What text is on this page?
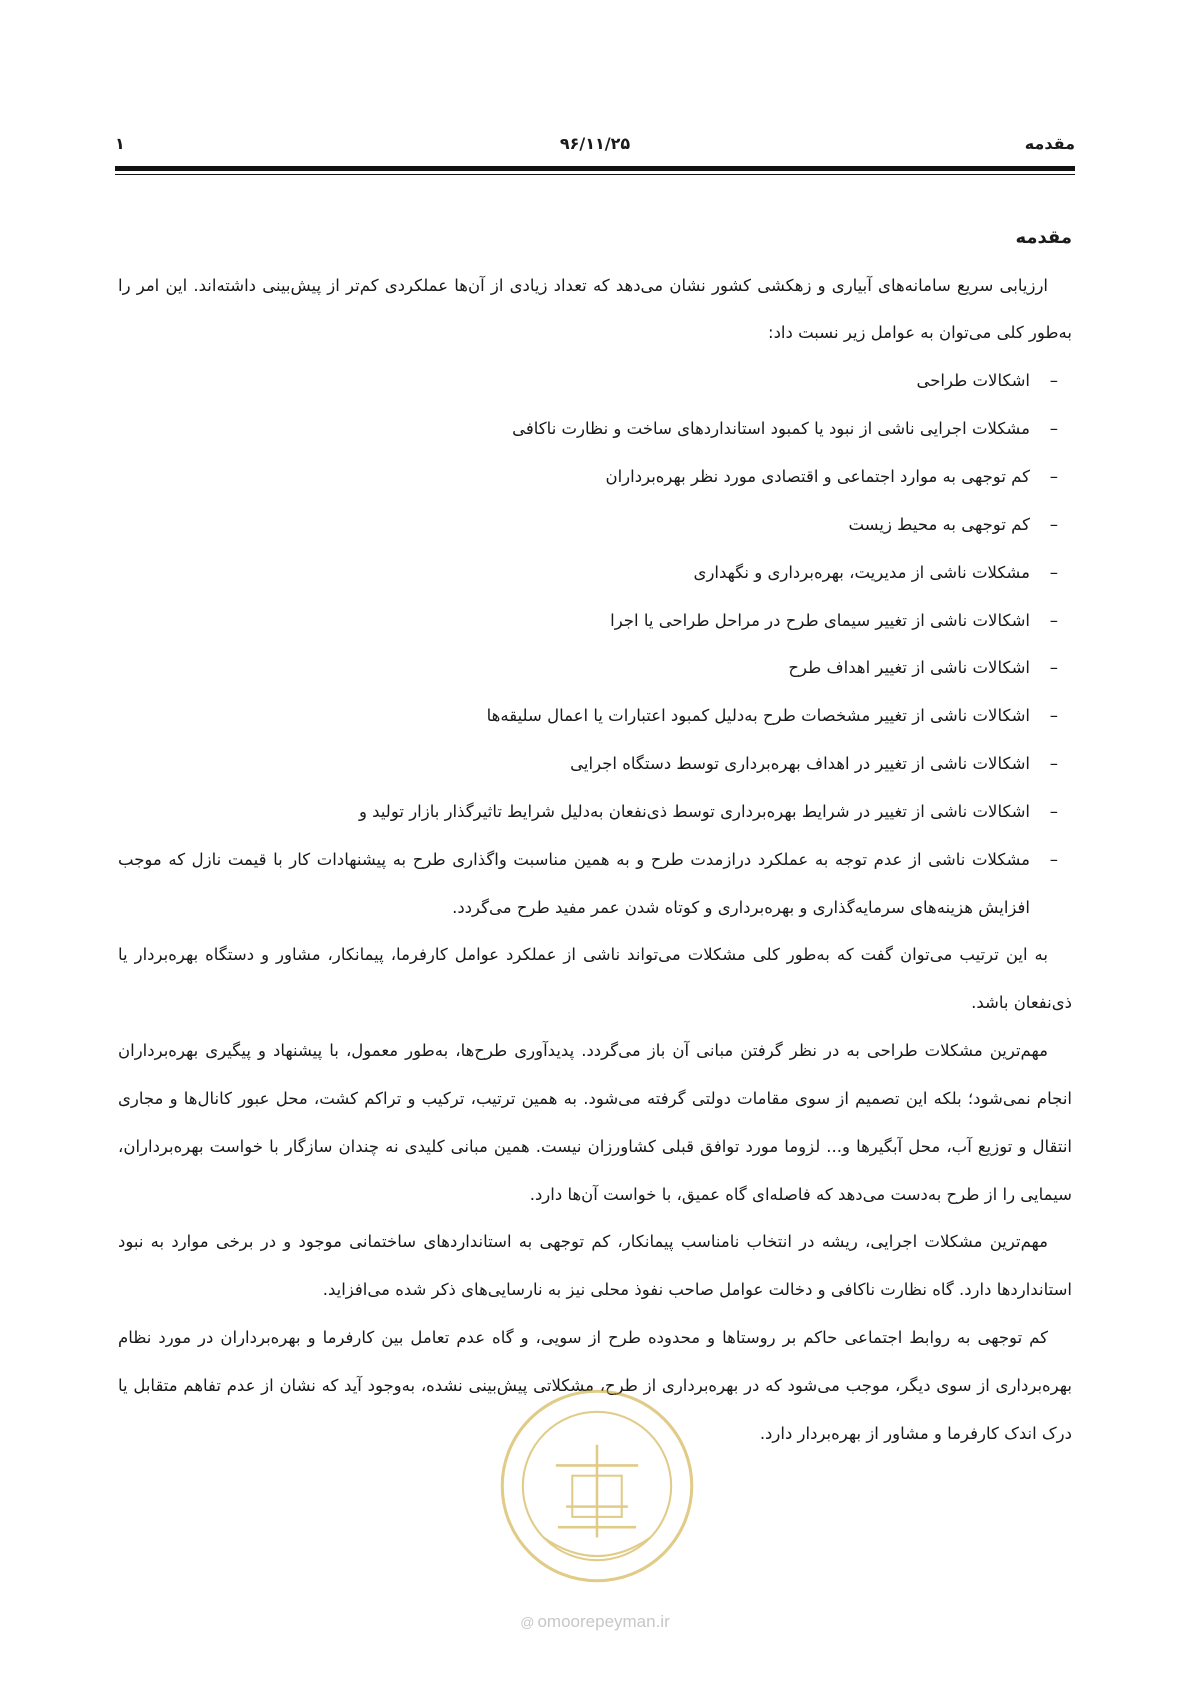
مقدمه
۹۶/۱۱/۲۵
۱
مقدمه

ارزیابی سریع سامانه‌های آبیاری و زهکشی کشور نشان می‌دهد که تعداد زیادی از آن‌ها عملکردی کم‌تر از پیش‌بینی داشته‌اند. این امر را به‌طور کلی می‌توان به عوامل زیر نسبت داد:

– اشکالات طراحی
– مشکلات اجرایی ناشی از نبود یا کمبود استانداردهای ساخت و نظارت ناکافی
– کم توجهی به موارد اجتماعی و اقتصادی مورد نظر بهره‌برداران
– کم توجهی به محیط زیست
– مشکلات ناشی از مدیریت، بهره‌برداری و نگهداری
– اشکالات ناشی از تغییر سیمای طرح در مراحل طراحی یا اجرا
– اشکالات ناشی از تغییر اهداف طرح
– اشکالات ناشی از تغییر مشخصات طرح به‌دلیل کمبود اعتبارات یا اعمال سلیقه‌ها
– اشکالات ناشی از تغییر در اهداف بهره‌برداری توسط دستگاه اجرایی
– اشکالات ناشی از تغییر در شرایط بهره‌برداری توسط ذی‌نفعان به‌دلیل شرایط تاثیرگذار بازار تولید و
– مشکلات ناشی از عدم توجه به عملکرد درازمدت طرح و به همین مناسبت واگذاری طرح به پیشنهادات کار با قیمت نازل که موجب افزایش هزینه‌های سرمایه‌گذاری و بهره‌برداری و کوتاه شدن عمر مفید طرح می‌گردد.

به این ترتیب می‌توان گفت که به‌طور کلی مشکلات می‌تواند ناشی از عملکرد عوامل کارفرما، پیمانکار، مشاور و دستگاه بهره‌بردار یا ذی‌نفعان باشد.

مهم‌ترین مشکلات طراحی به در نظر گرفتن مبانی آن باز می‌گردد. پدیدآوری طرح‌ها، به‌طور معمول، با پیشنهاد و پیگیری بهره‌برداران انجام نمی‌شود؛ بلکه این تصمیم از سوی مقامات دولتی گرفته می‌شود. به همین ترتیب، ترکیب و تراکم کشت، محل عبور کانال‌ها و مجاری انتقال و توزیع آب، محل آبگیرها و... لزوما مورد توافق قبلی کشاورزان نیست. همین مبانی کلیدی نه چندان سازگار با خواست بهره‌برداران، سیمایی را از طرح به‌دست می‌دهد که فاصله‌ای گاه عمیق، با خواست آن‌ها دارد.

مهم‌ترین مشکلات اجرایی، ریشه در انتخاب نامناسب پیمانکار، کم توجهی به استانداردهای ساختمانی موجود و در برخی موارد به نبود استانداردها دارد. گاه نظارت ناکافی و دخالت عوامل صاحب نفوذ محلی نیز به نارسایی‌های ذکر شده می‌افزاید.

کم توجهی به روابط اجتماعی حاکم بر روستاها و محدوده طرح از سویی، و گاه عدم تعامل بین کارفرما و بهره‌برداران در مورد نظام بهره‌برداری از سوی دیگر، موجب می‌شود که در بهره‌برداری از طرح، مشکلاتی پیش‌بینی نشده، به‌وجود آید که نشان از عدم تفاهم متقابل یا درک اندک کارفرما و مشاور از بهره‌بردار دارد.

@ omoorepeyman.ir
